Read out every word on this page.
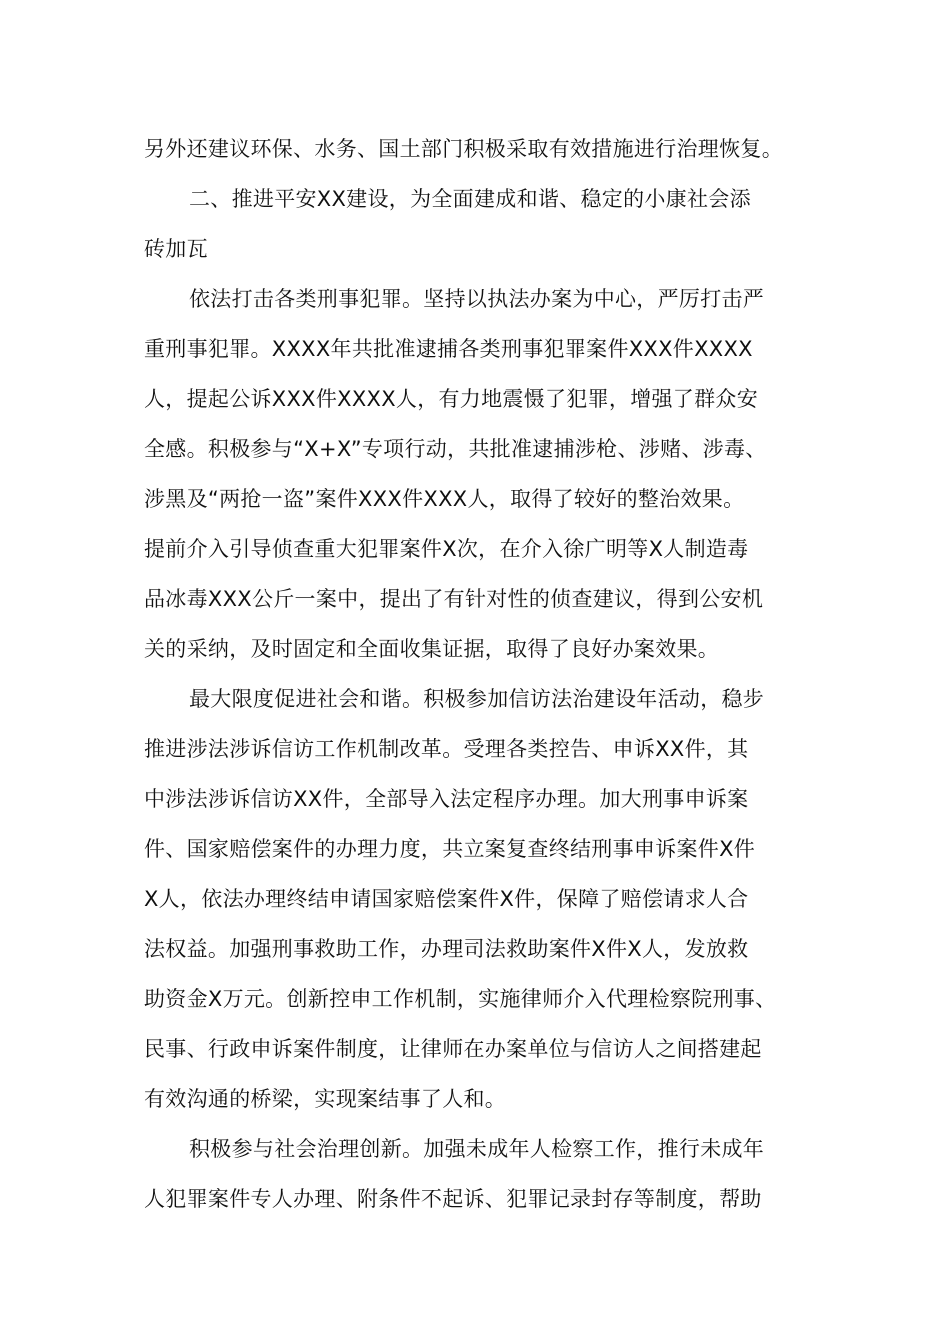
另外还建议环保、水务、国土部门积极采取有效措施进行治理恢复。
二、推进平安XX建设，为全面建成和谐、稳定的小康社会添
砖加瓦
依法打击各类刑事犯罪。坚持以执法办案为中心，严厉打击严
重刑事犯罪。XXXX年共批准逮捕各类刑事犯罪案件XXX件XXXX
人，提起公诉XXX件XXXX人，有力地震慑了犯罪，增强了群众安
全感。积极参与“X+X”专项行动，共批准逮捕涉枪、涉赌、涉毒、
涉黑及“两抢一盗”案件XXX件XXX人，取得了较好的整治效果。
提前介入引导侦查重大犯罪案件X次，在介入徐广明等X人制造毒
品冰毒XXX公斤一案中，提出了有针对性的侦查建议，得到公安机
关的采纳，及时固定和全面收集证据，取得了良好办案效果。
最大限度促进社会和谐。积极参加信访法治建设年活动，稳步
推进涉法涉诉信访工作机制改革。受理各类控告、申诉XX件，其
中涉法涉诉信访XX件，全部导入法定程序办理。加大刑事申诉案
件、国家赔偿案件的办理力度，共立案复查终结刑事申诉案件X件
X人，依法办理终结申请国家赔偿案件X件，保障了赔偿请求人合
法权益。加强刑事救助工作，办理司法救助案件X件X人，发放救
助资金X万元。创新控申工作机制，实施律师介入代理检察院刑事、
民事、行政申诉案件制度，让律师在办案单位与信访人之间搭建起
有效沟通的桥梁，实现案结事了人和。
积极参与社会治理创新。加强未成年人检察工作，推行未成年
人犯罪案件专人办理、附条件不起诉、犯罪记录封存等制度，帮助
